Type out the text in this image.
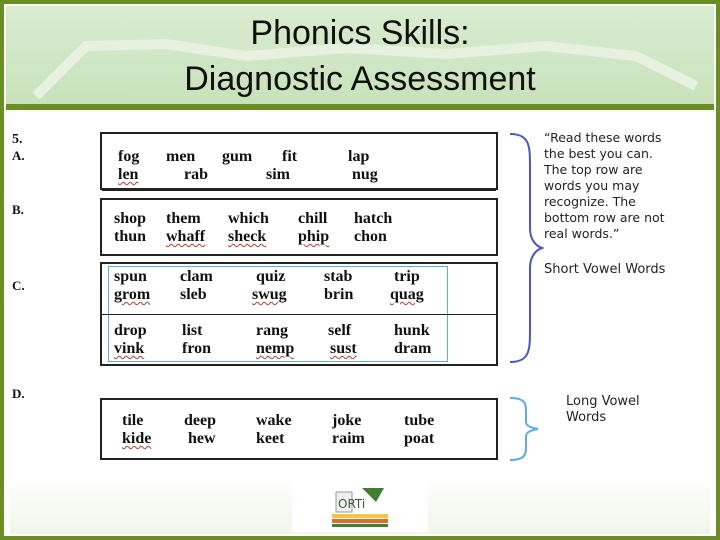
Phonics Skills:
Diagnostic Assessment
5.
A.	fog men gum fit	lap
len	rab	sim	nug
B.
shop them which chill hatch
thun whaff sheck phip chon
C.
spun clam	quiz stab	trip
grom sleb	swug brin quag
drop list	rang	self	hunk
vink fron	nemp sust dram
D.
tile	deep	wake	joke	tube
kide hew	keet	raim poat
“Read these words
the best you can.
The top row are
words you may
recognize. The
bottom row are not
real words.”
Short Vowel Words
Long Vowel
Words
ORTi
